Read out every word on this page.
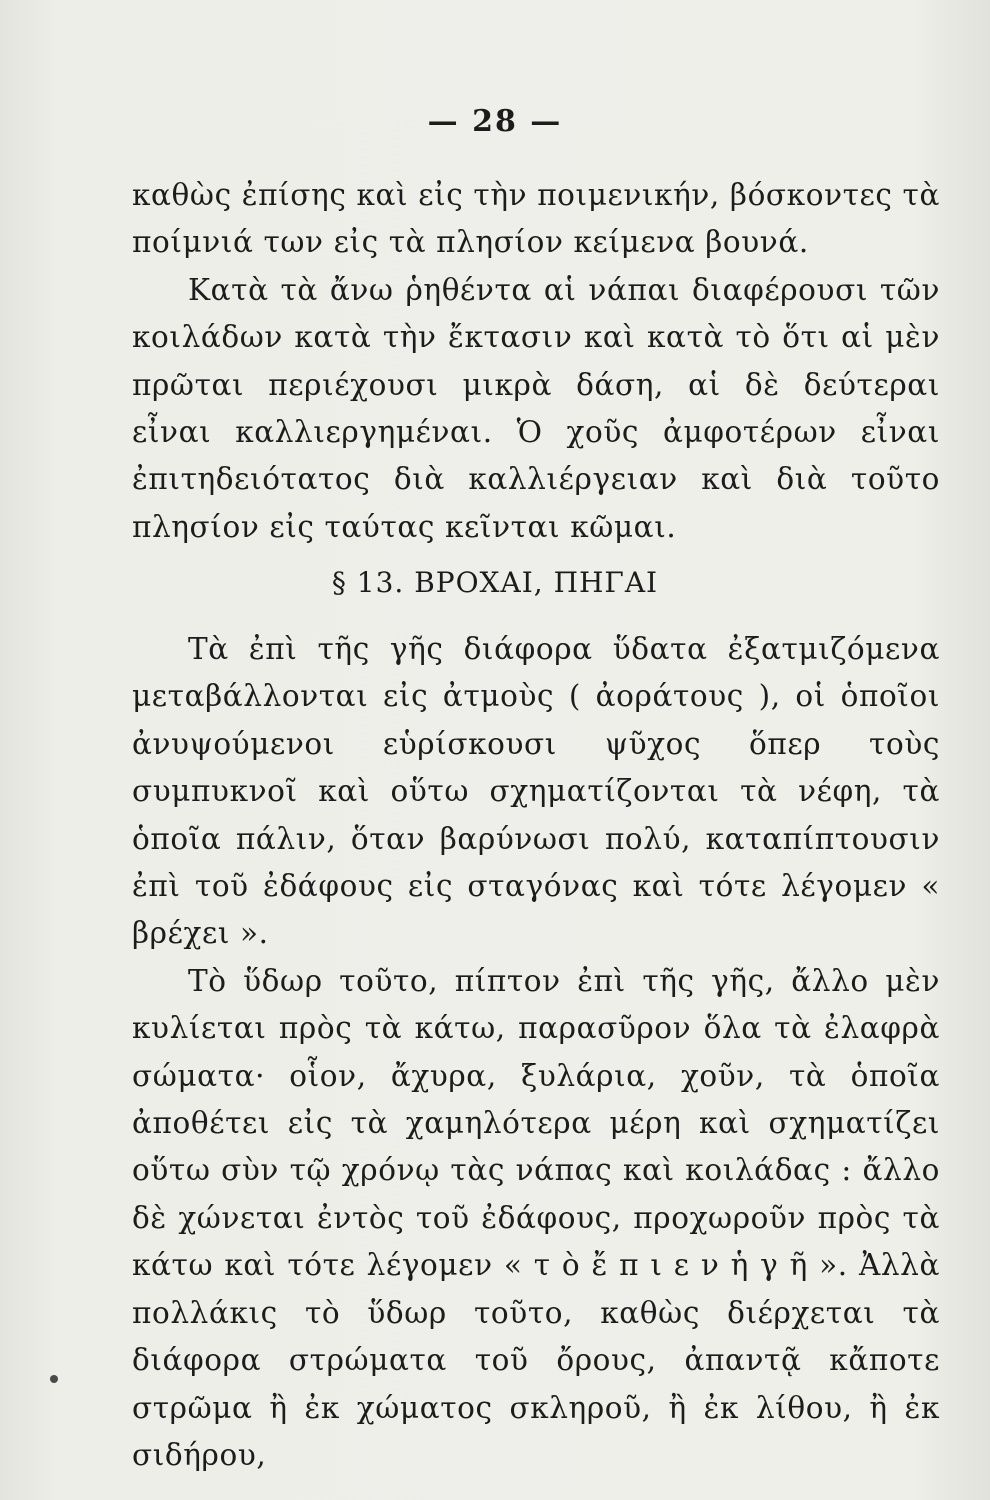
— 28 —

καθὼς ἐπίσης καὶ εἰς τὴν ποιμενικήν, βόσκοντες τὰ ποίμνιά των εἰς τὰ πλησίον κείμενα βουνά.

Κατὰ τὰ ἄνω ῥηθέντα αἱ νάπαι διαφέρουσι τῶν κοιλάδων κατὰ τὴν ἔκτασιν καὶ κατὰ τὸ ὅτι αἱ μὲν πρῶται περιέχουσι μικρὰ δάση, αἱ δὲ δεύτεραι εἶναι καλλιεργημέναι. Ὁ χοῦς ἀμφοτέρων εἶναι ἐπιτηδειότατος διὰ καλλιέργειαν καὶ διὰ τοῦτο πλησίον εἰς ταύτας κεῖνται κῶμαι.

§ 13. ΒΡΟΧΑΙ, ΠΗΓΑΙ

Τὰ ἐπὶ τῆς γῆς διάφορα ὕδατα ἐξατμιζόμενα μεταβάλλονται εἰς ἀτμοὺς ( ἀοράτους ), οἱ ὁποῖοι ἀνυψούμενοι εὑρίσκουσι ψῦχος ὅπερ τοὺς συμπυκνοῖ καὶ οὕτω σχηματίζονται τὰ νέφη, τὰ ὁποῖα πάλιν, ὅταν βαρύνωσι πολύ, καταπίπτουσιν ἐπὶ τοῦ ἐδάφους εἰς σταγόνας καὶ τότε λέγομεν « βρέχει ».

Τὸ ὕδωρ τοῦτο, πίπτον ἐπὶ τῆς γῆς, ἄλλο μὲν κυλίεται πρὸς τὰ κάτω, παρασῦρον ὅλα τὰ ἐλαφρὰ σώματα· οἷον, ἄχυρα, ξυλάρια, χοῦν, τὰ ὁποῖα ἀποθέτει εἰς τὰ χαμηλότερα μέρη καὶ σχηματίζει οὕτω σὺν τῷ χρόνῳ τὰς νάπας καὶ κοιλάδας : ἄλλο δὲ χώνεται ἐντὸς τοῦ ἐδάφους, προχωροῦν πρὸς τὰ κάτω καὶ τότε λέγομεν « τ ὸ ἔ π ι ε ν ἡ γ ῆ ». Ἀλλὰ πολλάκις τὸ ὕδωρ τοῦτο, καθὼς διέρχεται τὰ διάφορα στρώματα τοῦ ὄρους, ἀπαντᾷ κἄποτε στρῶμα ἢ ἐκ χώματος σκληροῦ, ἢ ἐκ λίθου, ἢ ἐκ σιδήρου,
